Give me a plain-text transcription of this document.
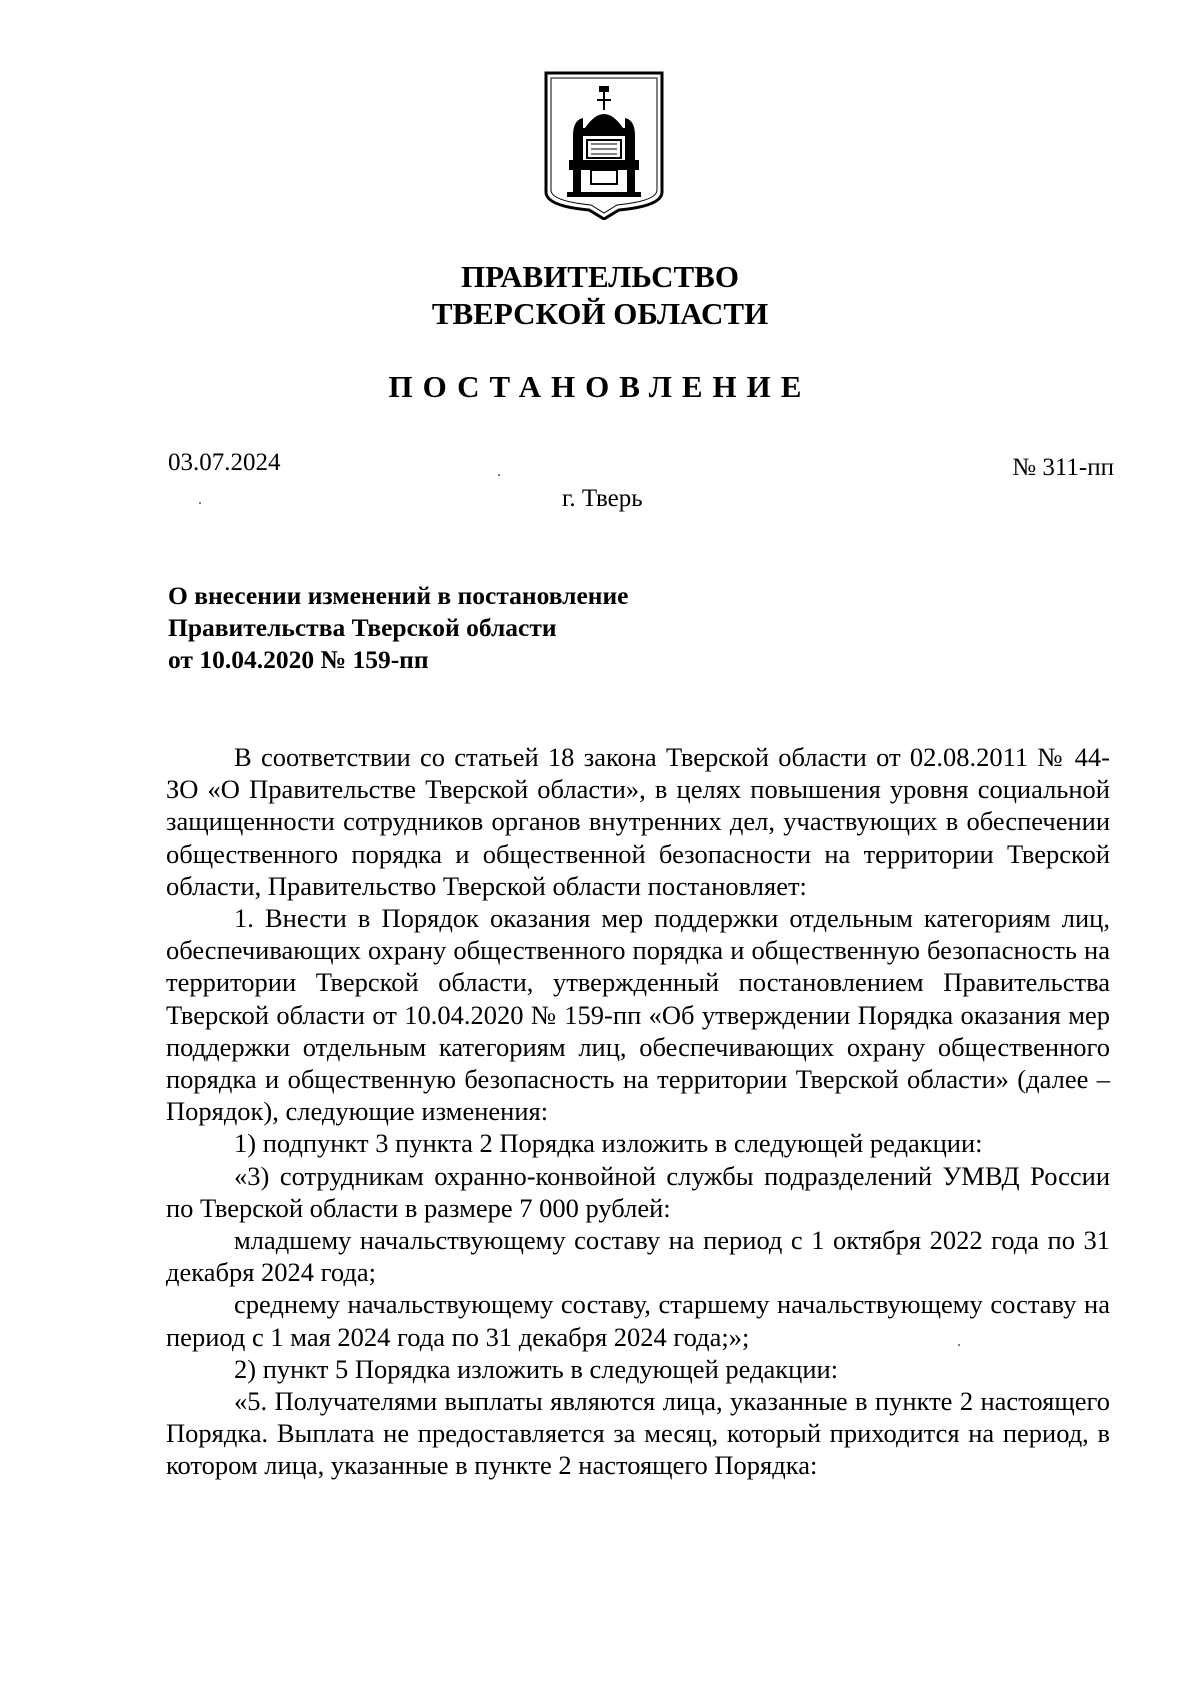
ПРАВИТЕЛЬСТВО
ТВЕРСКОЙ ОБЛАСТИ
ПОСТАНОВЛЕНИЕ
03.07.2024	№ 311-пп
г. Тверь
О внесении изменений в постановление
Правительства Тверской области
от 10.04.2020 № 159-пп

В соответствии со статьей 18 закона Тверской области от 02.08.2011 № 44-ЗО «О Правительстве Тверской области», в целях повышения уровня социальной защищенности сотрудников органов внутренних дел, участвующих в обеспечении общественного порядка и общественной безопасности на территории Тверской области, Правительство Тверской области постановляет:

1. Внести в Порядок оказания мер поддержки отдельным категориям лиц, обеспечивающих охрану общественного порядка и общественную безопасность на территории Тверской области, утвержденный постановлением Правительства Тверской области от 10.04.2020 № 159-пп «Об утверждении Порядка оказания мер поддержки отдельным категориям лиц, обеспечивающих охрану общественного порядка и общественную безопасность на территории Тверской области» (далее – Порядок), следующие изменения:

1) подпункт 3 пункта 2 Порядка изложить в следующей редакции:

«3) сотрудникам охранно-конвойной службы подразделений УМВД России по Тверской области в размере 7 000 рублей:

младшему начальствующему составу на период с 1 октября 2022 года по 31 декабря 2024 года;

среднему начальствующему составу, старшему начальствующему составу на период с 1 мая 2024 года по 31 декабря 2024 года;»;

2) пункт 5 Порядка изложить в следующей редакции:

«5. Получателями выплаты являются лица, указанные в пункте 2 настоящего Порядка. Выплата не предоставляется за месяц, который приходится на период, в котором лица, указанные в пункте 2 настоящего Порядка:
